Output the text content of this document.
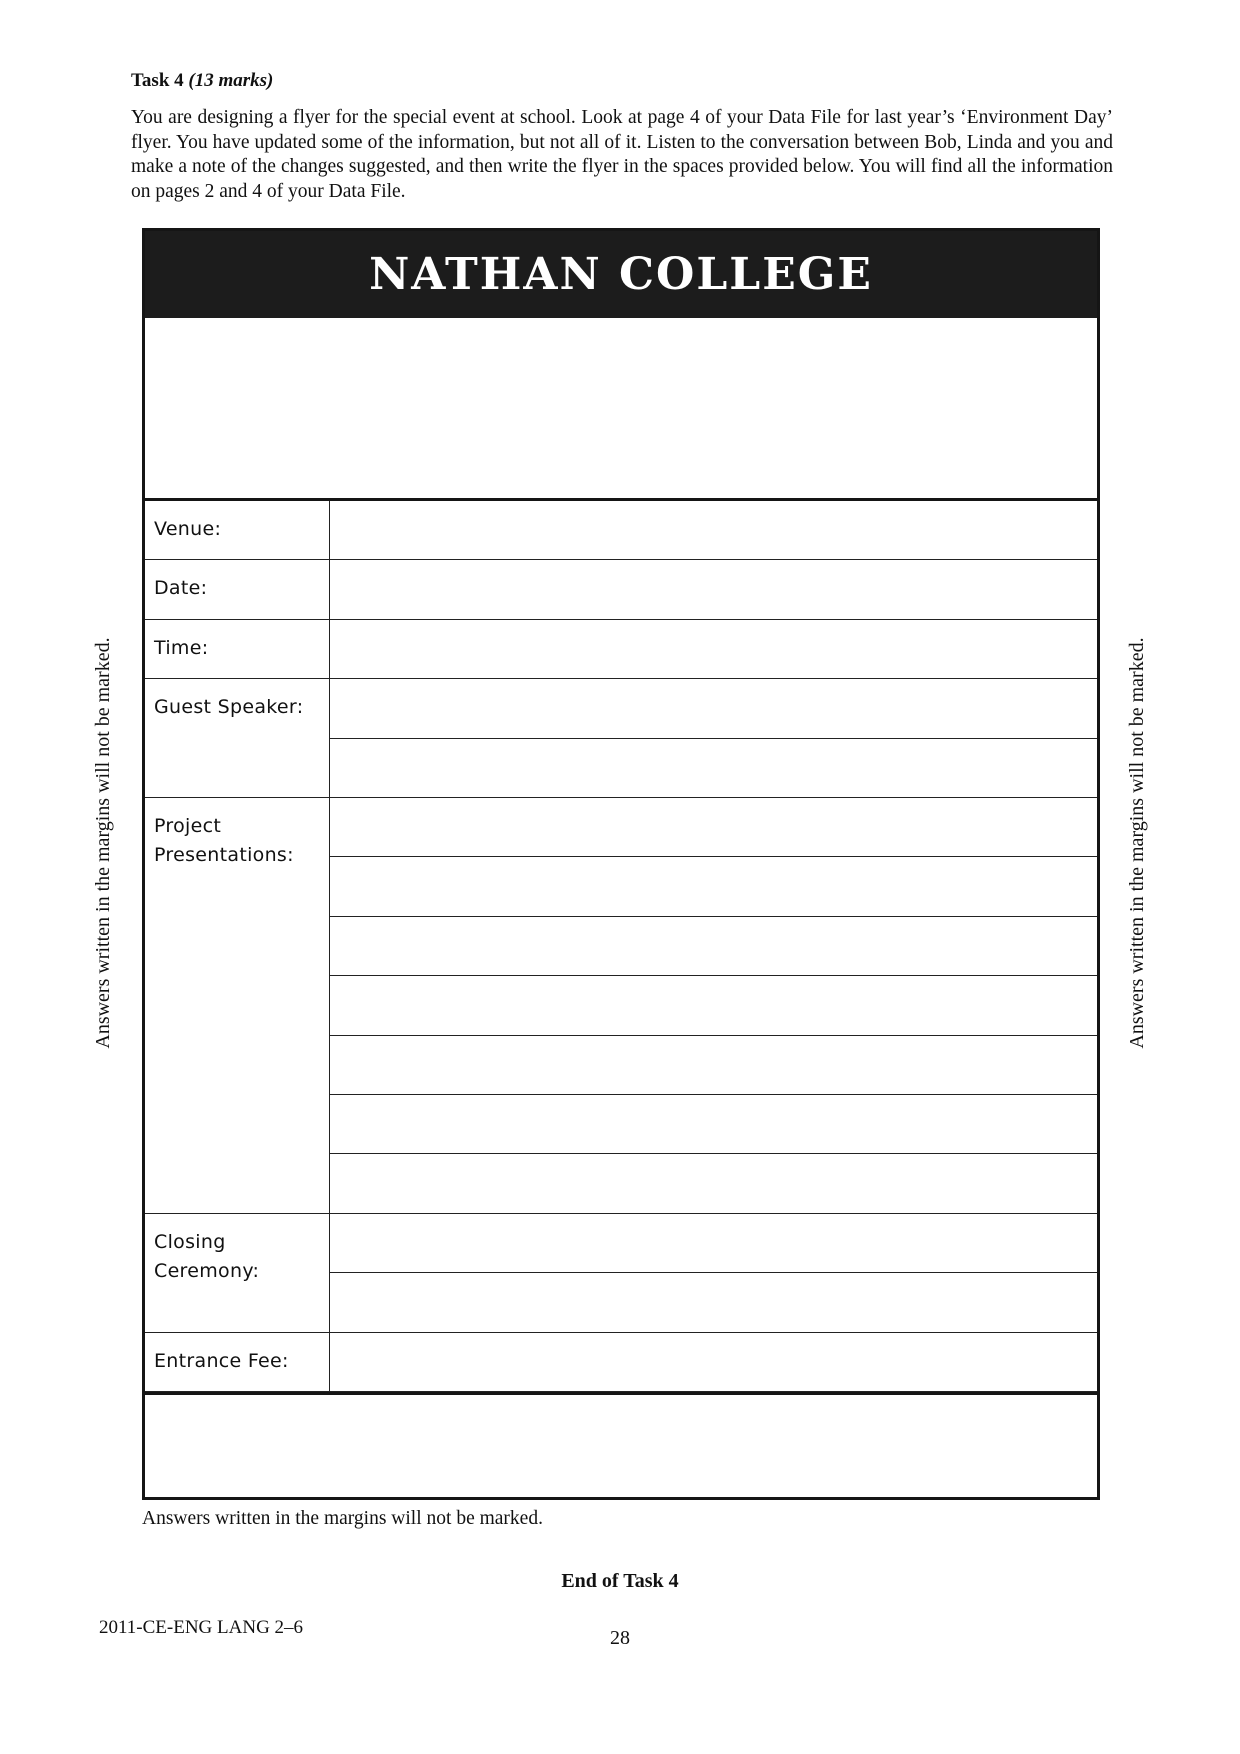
Task 4 (13 marks)
You are designing a flyer for the special event at school. Look at page 4 of your Data File for last year’s ‘Environment Day’ flyer. You have updated some of the information, but not all of it. Listen to the conversation between Bob, Linda and you and make a note of the changes suggested, and then write the flyer in the spaces provided below. You will find all the information on pages 2 and 4 of your Data File.
Answers written in the margins will not be marked.	Answers written in the margins will not be marked.
NATHAN COLLEGE
Venue:
Date:
Time:
Guest Speaker:
Project Presentations:
Closing Ceremony:
Entrance Fee:
Answers written in the margins will not be marked.
End of Task 4
2011-CE-ENG LANG 2–6	28
